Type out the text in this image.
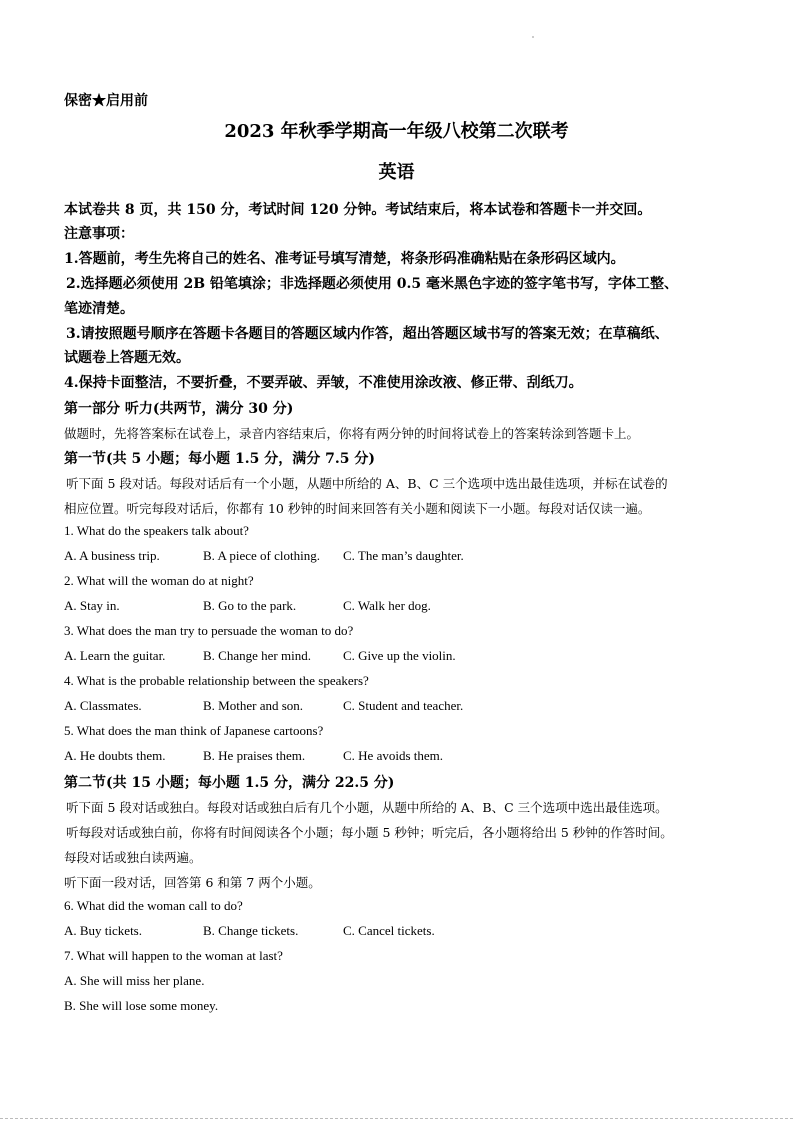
保密★启用前
2023 年秋季学期高一年级八校第二次联考
英语
本试卷共 8 页，共 150 分，考试时间 120 分钟。考试结束后，将本试卷和答题卡一并交回。
注意事项：
1.答题前，考生先将自己的姓名、准考证号填写清楚，将条形码准确粘贴在条形码区域内。
2.选择题必须使用 2B 铅笔填涂；非选择题必须使用 0.5 毫米黑色字迹的签字笔书写，字体工整、
笔迹清楚。
3.请按照题号顺序在答题卡各题目的答题区域内作答，超出答题区域书写的答案无效；在草稿纸、
试题卷上答题无效。
4.保持卡面整洁，不要折叠，不要弄破、弄皱，不准使用涂改液、修正带、刮纸刀。
第一部分 听力(共两节，满分 30 分)
做题时，先将答案标在试卷上，录音内容结束后，你将有两分钟的时间将试卷上的答案转涂到答题卡上。
第一节(共 5 小题；每小题 1.5 分，满分 7.5 分)
听下面 5 段对话。每段对话后有一个小题，从题中所给的 A、B、C 三个选项中选出最佳选项，并标在试卷的
相应位置。听完每段对话后，你都有 10 秒钟的时间来回答有关小题和阅读下一小题。每段对话仅读一遍。
1. What do the speakers talk about?
A. A business trip.	B. A piece of clothing. C. The man’s daughter.
2. What will the woman do at night?
A. Stay in.	B. Go to the park.	C. Walk her dog.
3. What does the man try to persuade the woman to do?
A. Learn the guitar.	B. Change her mind. C. Give up the violin.
4. What is the probable relationship between the speakers?
A. Classmates.	B. Mother and son.	C. Student and teacher.
5. What does the man think of Japanese cartoons?
A. He doubts them.	B. He praises them.	C. He avoids them.
第二节(共 15 小题；每小题 1.5 分，满分 22.5 分)
听下面 5 段对话或独白。每段对话或独白后有几个小题，从题中所给的 A、B、C 三个选项中选出最佳选项。
听每段对话或独白前，你将有时间阅读各个小题；每小题 5 秒钟；听完后，各小题将给出 5 秒钟的作答时间。
每段对话或独白读两遍。
听下面一段对话，回答第 6 和第 7 两个小题。
6. What did the woman call to do?
A. Buy tickets.	B. Change tickets.	C. Cancel tickets.
7. What will happen to the woman at last?
A. She will miss her plane.
B. She will lose some money.
